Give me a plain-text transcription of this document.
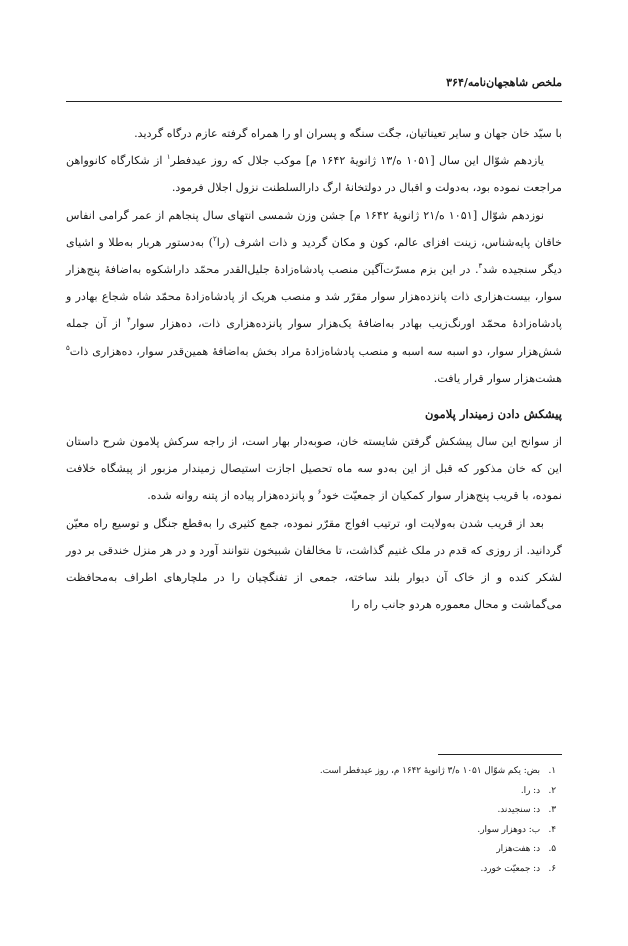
ملخص شاهجهان‌نامه/۳۶۴

با سیّد خان جهان و سایر تعیناتیان، جگت سنگه و پسران او را همراه گرفته عازم درگاه گردید.

یازدهم شوّال این سال [۱۰۵۱ ه/۱۳ ژانویهٔ ۱۶۴۲ م] موکب جلال که روز عیدفطر$^۱$ از شکارگاه کانوواهن مراجعت نموده بود، به‌دولت و اقبال در دولتخانهٔ ارگ دارالسلطنت نزول اجلال فرمود.

نوزدهم شوّال [۱۰۵۱ ه/۲۱ ژانویهٔ ۱۶۴۲ م] جشن وزن شمسی انتهای سال پنجاهم از عمر گرامی انفاس خاقان پایه‌شناس، زینت افزای عالم، کون و مکان گردید و ذات اشرف (را$^۲$) به‌دستور هربار به‌طلا و اشیای دیگر سنجیده شد$^۳$. در این بزم مسرّت‌آگین منصب پادشاه‌زادهٔ جلیل‌القدر محمّد داراشکوه به‌اضافهٔ پنج‌هزار سوار، بیست‌هزاری ذات پانزده‌هزار سوار مقرّر شد و منصب هریک از پادشاه‌زادهٔ محمّد شاه شجاع بهادر و پادشاه‌زادهٔ محمّد اورنگ‌زیب بهادر به‌اضافهٔ یک‌هزار سوار پانزده‌هزاری ذات، ده‌هزار سوار$^۴$ از آن جمله شش‌هزار سوار، دو اسبه سه اسبه و منصب پادشاه‌زادهٔ مراد بخش به‌اضافهٔ همین‌قدر سوار، ده‌هزاری ذات$^۵$ هشت‌هزار سوار قرار یافت.

پیشکش دادن زمیندار پلامون

از سوانح این سال پیشکش گرفتن شایسته خان، صوبه‌دار بهار است، از راجه سرکش پلامون شرح داستان این که خان مذکور که قبل از این به‌دو سه ماه تحصیل اجازت استیصال زمیندار مزبور از پیشگاه خلافت نموده، با قریب پنج‌هزار سوار کمکیان از جمعیّت خود$^۶$ و پانزده‌هزار پیاده از پتنه روانه شده.

بعد از قریب شدن به‌ولایت او، ترتیب افواج مقرّر نموده، جمع کثیری را به‌قطع جنگل و توسیع راه معیّن گردانید. از روزی که قدم در ملک غنیم گذاشت، تا مخالفان شبیخون نتوانند آورد و در هر منزل خندقی بر دور لشکر کنده و از خاک آن دیوار بلند ساخته، جمعی از تفنگچیان را در ملچارهای اطراف به‌محافظت می‌گماشت و محال معموره هردو جانب راه را

۱.بض: یکم شوّال ۱۰۵۱ ه/۳ ژانویهٔ ۱۶۴۲ م، روز عیدفطر است.
۲.د: را.
۳.د: سنجیدند.
۴.ب: دوهزار سوار.
۵.د: هفت‌هزار
۶.د: جمعیّت خورد.
